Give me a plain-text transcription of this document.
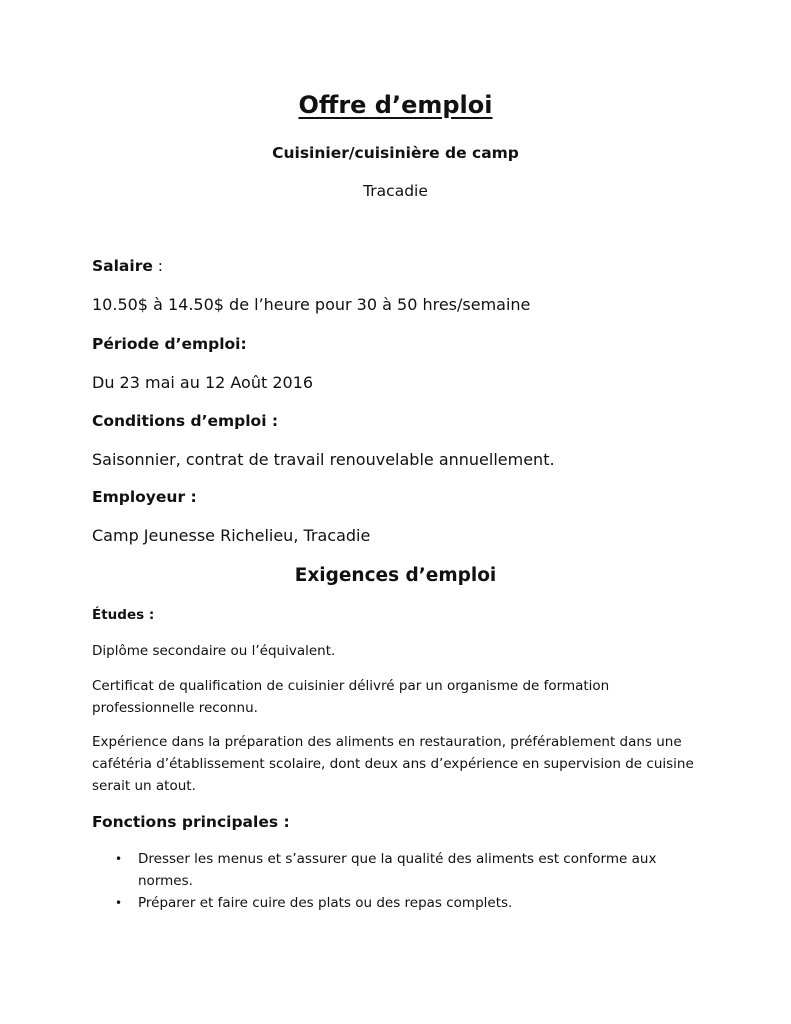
Offre d’emploi

Cuisinier/cuisinière de camp

Tracadie

Salaire :

10.50$ à 14.50$ de l’heure pour 30 à 50 hres/semaine

Période d’emploi:

Du 23 mai au 12 Août 2016

Conditions d’emploi :

Saisonnier, contrat de travail renouvelable annuellement.

Employeur :

Camp Jeunesse Richelieu, Tracadie

Exigences d’emploi

Études :

Diplôme secondaire ou l’équivalent.

Certificat de qualification de cuisinier délivré par un organisme de formation professionnelle reconnu.

Expérience dans la préparation des aliments en restauration, préférablement dans une cafétéria d’établissement scolaire, dont deux ans d’expérience en supervision de cuisine serait un atout.

Fonctions principales :

• Dresser les menus et s’assurer que la qualité des aliments est conforme aux normes.
• Préparer et faire cuire des plats ou des repas complets.
